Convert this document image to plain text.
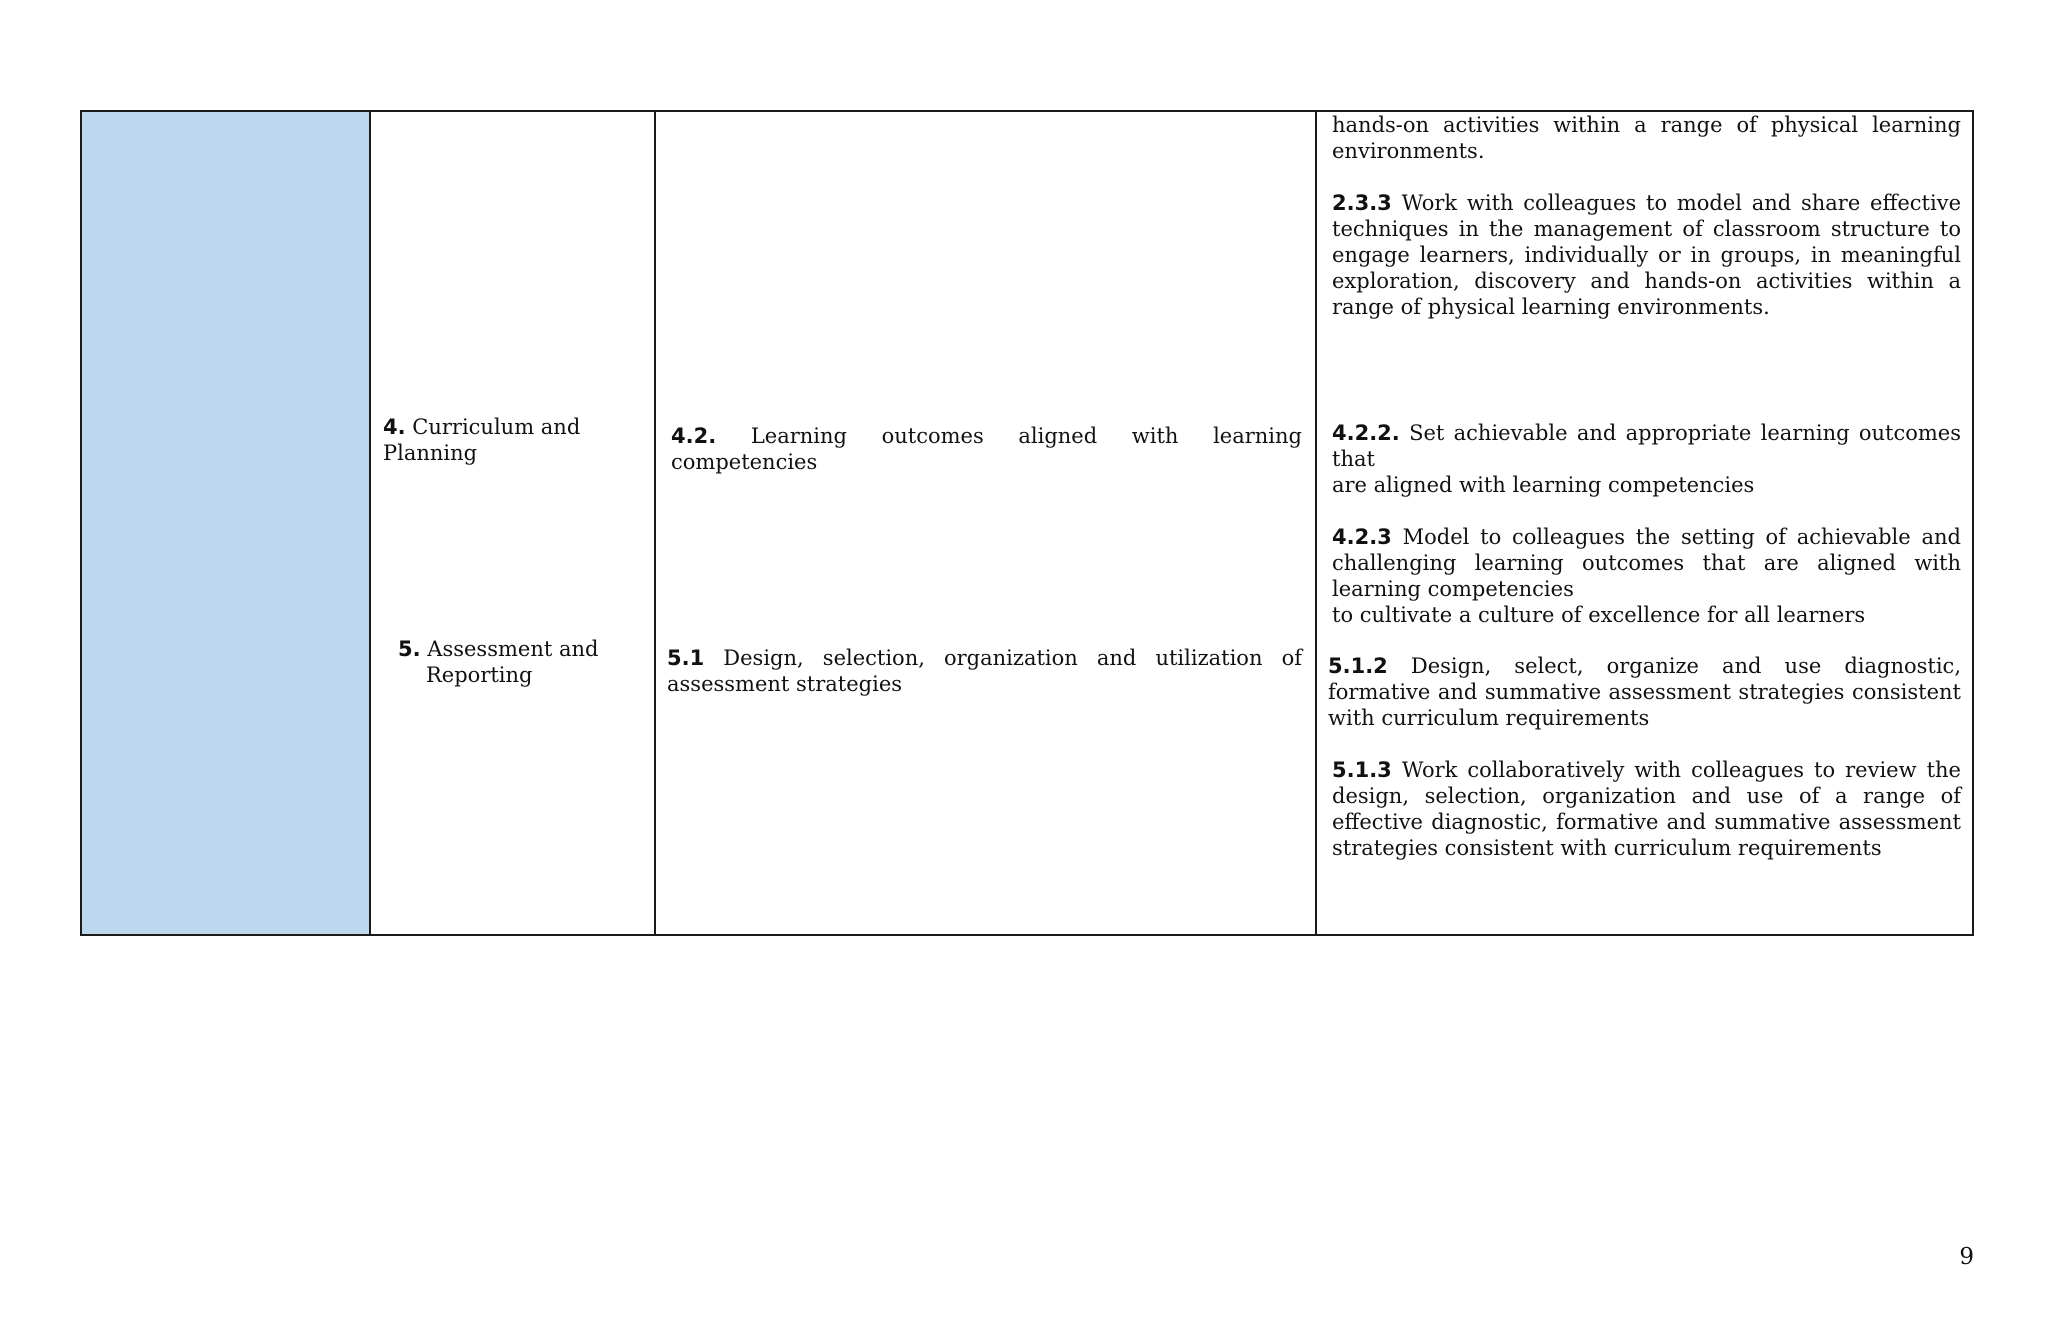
4. Curriculum and
Planning

5. Assessment and
Reporting

4.2. Learning outcomes aligned with learning competencies

5.1 Design, selection, organization and utilization of assessment strategies

hands-on activities within a range of physical learning environments.

2.3.3 Work with colleagues to model and share effective techniques in the management of classroom structure to engage learners, individually or in groups, in meaningful exploration, discovery and hands-on activities within a range of physical learning environments.

4.2.2. Set achievable and appropriate learning outcomes that
are aligned with learning competencies

4.2.3 Model to colleagues the setting of achievable and challenging learning outcomes that are aligned with learning competencies
to cultivate a culture of excellence for all learners

5.1.2 Design, select, organize and use diagnostic, formative and summative assessment strategies consistent with curriculum requirements

5.1.3 Work collaboratively with colleagues to review the design, selection, organization and use of a range of effective diagnostic, formative and summative assessment strategies consistent with curriculum requirements

9
